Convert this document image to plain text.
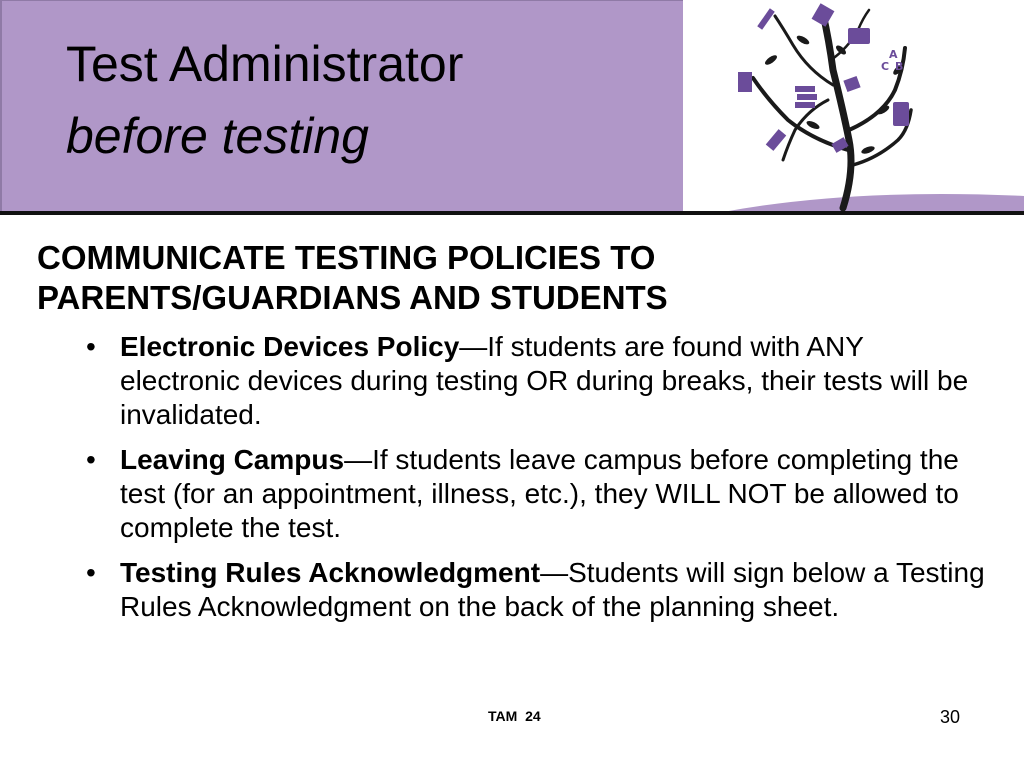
Test Administrator
before testing
A
C B
COMMUNICATE TESTING POLICIES TO PARENTS/GUARDIANS AND STUDENTS
• Electronic Devices Policy—If students are found with ANY electronic devices during testing OR during breaks, their tests will be invalidated.
• Leaving Campus—If students leave campus before completing the test (for an appointment, illness, etc.), they WILL NOT be allowed to complete the test.
• Testing Rules Acknowledgment—Students will sign below a Testing Rules Acknowledgment on the back of the planning sheet.
TAM  24	30
